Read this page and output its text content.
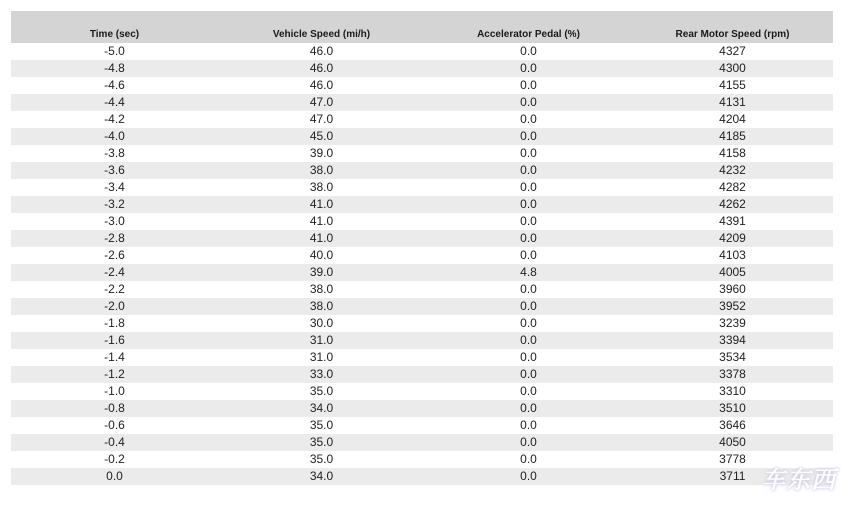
Time (sec)	Vehicle Speed (mi/h)	Accelerator Pedal (%)	Rear Motor Speed (rpm)
-5.0	46.0	0.0	4327
-4.8	46.0	0.0	4300
-4.6	46.0	0.0	4155
-4.4	47.0	0.0	4131
-4.2	47.0	0.0	4204
-4.0	45.0	0.0	4185
-3.8	39.0	0.0	4158
-3.6	38.0	0.0	4232
-3.4	38.0	0.0	4282
-3.2	41.0	0.0	4262
-3.0	41.0	0.0	4391
-2.8	41.0	0.0	4209
-2.6	40.0	0.0	4103
-2.4	39.0	4.8	4005
-2.2	38.0	0.0	3960
-2.0	38.0	0.0	3952
-1.8	30.0	0.0	3239
-1.6	31.0	0.0	3394
-1.4	31.0	0.0	3534
-1.2	33.0	0.0	3378
-1.0	35.0	0.0	3310
-0.8	34.0	0.0	3510
-0.6	35.0	0.0	3646
-0.4	35.0	0.0	4050
-0.2	35.0	0.0	3778
0.0	34.0	0.0	3711 车东西
